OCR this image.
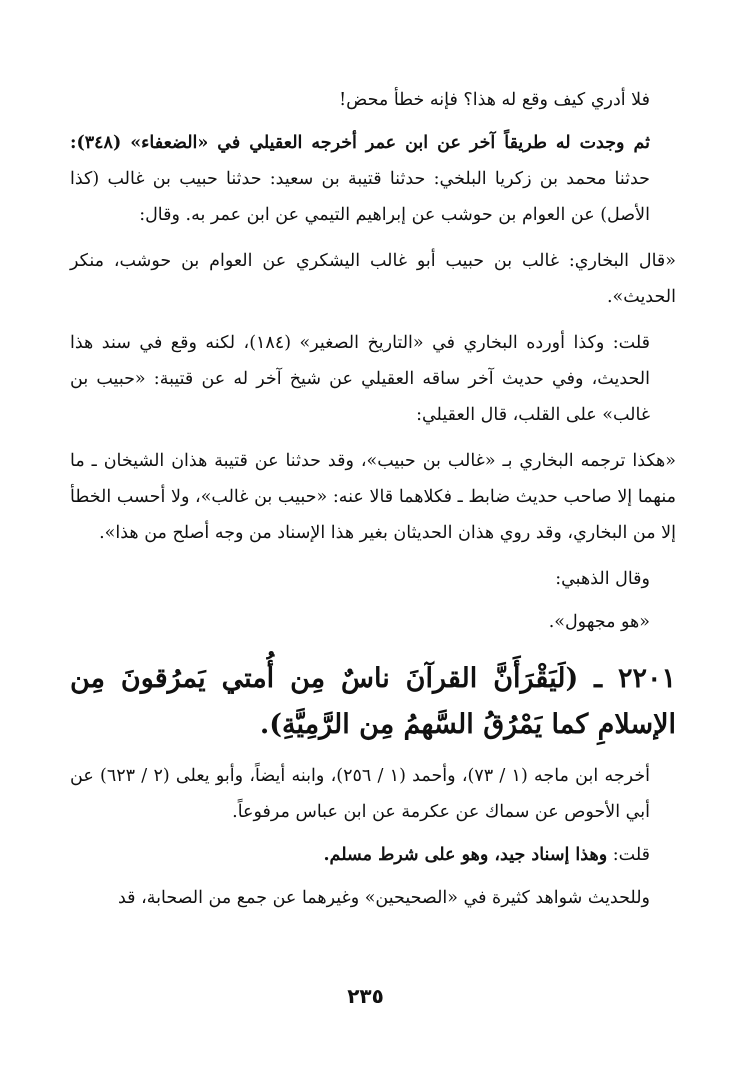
فلا أدري كيف وقع له هذا؟ فإنه خطأ محض!

ثم وجدت له طريقاً آخر عن ابن عمر أخرجه العقيلي في «الضعفاء» (٣٤٨): حدثنا محمد بن زكريا البلخي: حدثنا قتيبة بن سعيد: حدثنا حبيب بن غالب (كذا الأصل) عن العوام بن حوشب عن إبراهيم التيمي عن ابن عمر به. وقال:

«قال البخاري: غالب بن حبيب أبو غالب اليشكري عن العوام بن حوشب، منكر الحديث».

قلت: وكذا أورده البخاري في «التاريخ الصغير» (١٨٤)، لكنه وقع في سند هذا الحديث، وفي حديث آخر ساقه العقيلي عن شيخ آخر له عن قتيبة: «حبيب بن غالب» على القلب، قال العقيلي:

«هكذا ترجمه البخاري بـ «غالب بن حبيب»، وقد حدثنا عن قتيبة هذان الشيخان ـ ما منهما إلا صاحب حديث ضابط ـ فكلاهما قالا عنه: «حبيب بن غالب»، ولا أحسب الخطأ إلا من البخاري، وقد روي هذان الحديثان بغير هذا الإسناد من وجه أصلح من هذا».

وقال الذهبي:

«هو مجهول».

٢٢٠١ ـ (لَيَقْرَأَنَّ القرآنَ ناسٌ مِن أُمتي يَمرُقونَ مِن الإسلامِ كما يَمْرُقُ السَّهمُ مِن الرَّمِيَّةِ).

أخرجه ابن ماجه (١ / ٧٣)، وأحمد (١ / ٢٥٦)، وابنه أيضاً، وأبو يعلى (٢ / ٦٢٣) عن أبي الأحوص عن سماك عن عكرمة عن ابن عباس مرفوعاً.

قلت: وهذا إسناد جيد، وهو على شرط مسلم.

وللحديث شواهد كثيرة في «الصحيحين» وغيرهما عن جمع من الصحابة، قد

٢٣٥
